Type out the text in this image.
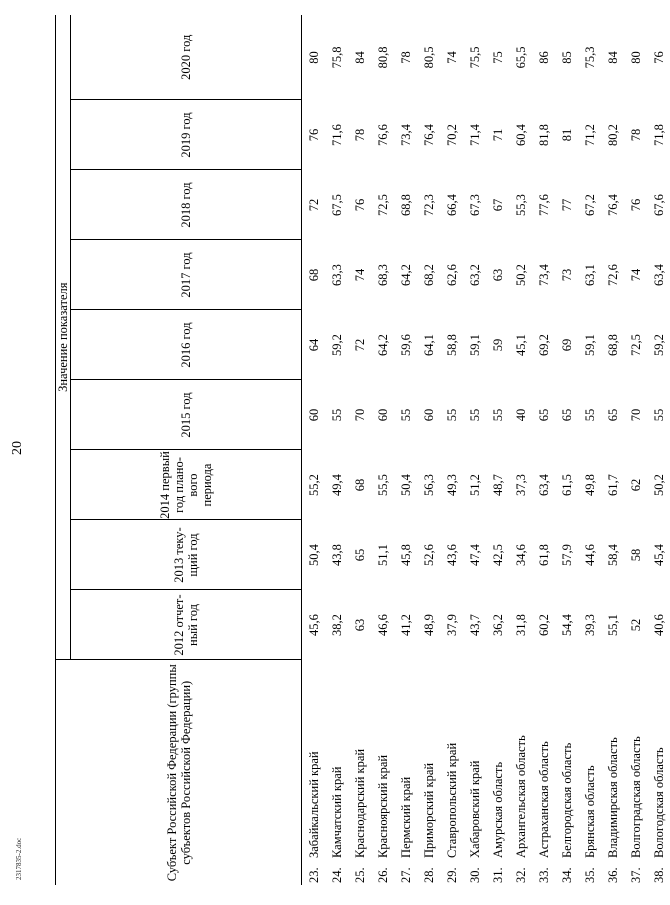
20
2317835-2.doc	Субъект Российской Федерации (группы субъектов Российской Федерации)		Значение показателя								
		2012 отчет-ный год	2013 теку-щий год	2014 первый год плано-вого периода	2015 год	2016 год	2017 год	2018 год	2019 год	2020 год
23.	Забайкальский край	45,6	50,4	55,2	60	64	68	72	76	80
24.	Камчатский край	38,2	43,8	49,4	55	59,2	63,3	67,5	71,6	75,8
25.	Краснодарский край	63	65	68	70	72	74	76	78	84
26.	Красноярский край	46,6	51,1	55,5	60	64,2	68,3	72,5	76,6	80,8
27.	Пермский край	41,2	45,8	50,4	55	59,6	64,2	68,8	73,4	78
28.	Приморский край	48,9	52,6	56,3	60	64,1	68,2	72,3	76,4	80,5
29.	Ставропольский край	37,9	43,6	49,3	55	58,8	62,6	66,4	70,2	74
30.	Хабаровский край	43,7	47,4	51,2	55	59,1	63,2	67,3	71,4	75,5
31.	Амурская область	36,2	42,5	48,7	55	59	63	67	71	75
32.	Архангельская область	31,8	34,6	37,3	40	45,1	50,2	55,3	60,4	65,5
33.	Астраханская область	60,2	61,8	63,4	65	69,2	73,4	77,6	81,8	86
34.	Белгородская область	54,4	57,9	61,5	65	69	73	77	81	85
35.	Брянская область	39,3	44,6	49,8	55	59,1	63,1	67,2	71,2	75,3
36.	Владимирская область	55,1	58,4	61,7	65	68,8	72,6	76,4	80,2	84
37.	Волгоградская область	52	58	62	70	72,5	74	76	78	80
38.	Вологодская область	40,6	45,4	50,2	55	59,2	63,4	67,6	71,8	76
